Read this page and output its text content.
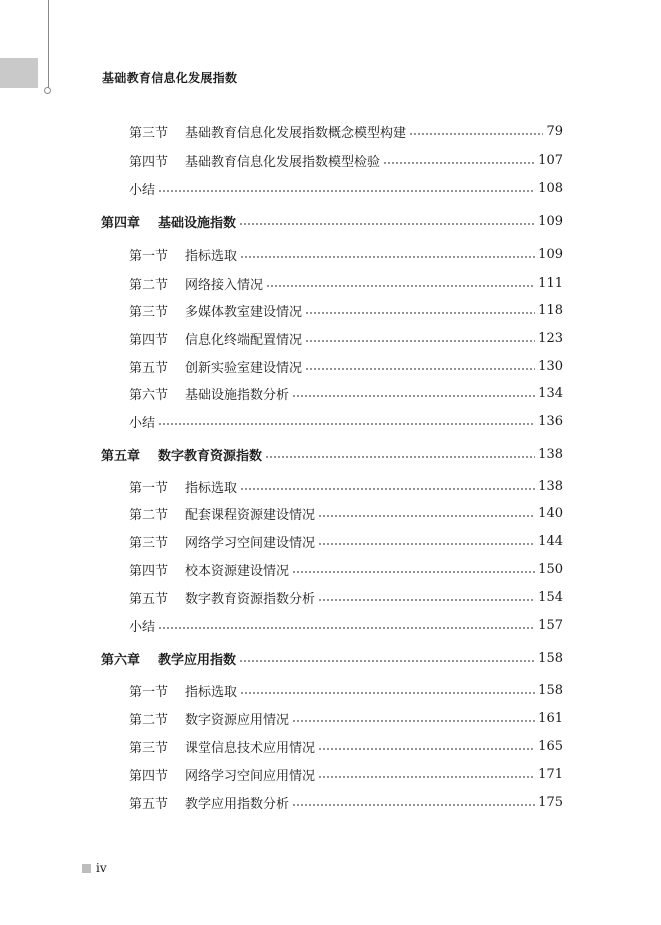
基础教育信息化发展指数
第三节	基础教育信息化发展指数概念模型构建	79
第四节	基础教育信息化发展指数模型检验	107
小结	108
第四章	基础设施指数	109
第一节	指标选取	109
第二节	网络接入情况	111
第三节	多媒体教室建设情况	118
第四节	信息化终端配置情况	123
第五节	创新实验室建设情况	130
第六节	基础设施指数分析	134
小结	136
第五章	数字教育资源指数	138
第一节	指标选取	138
第二节	配套课程资源建设情况	140
第三节	网络学习空间建设情况	144
第四节	校本资源建设情况	150
第五节	数字教育资源指数分析	154
小结	157
第六章	教学应用指数	158
第一节	指标选取	158
第二节	数字资源应用情况	161
第三节	课堂信息技术应用情况	165
第四节	网络学习空间应用情况	171
第五节	教学应用指数分析	175
iv
